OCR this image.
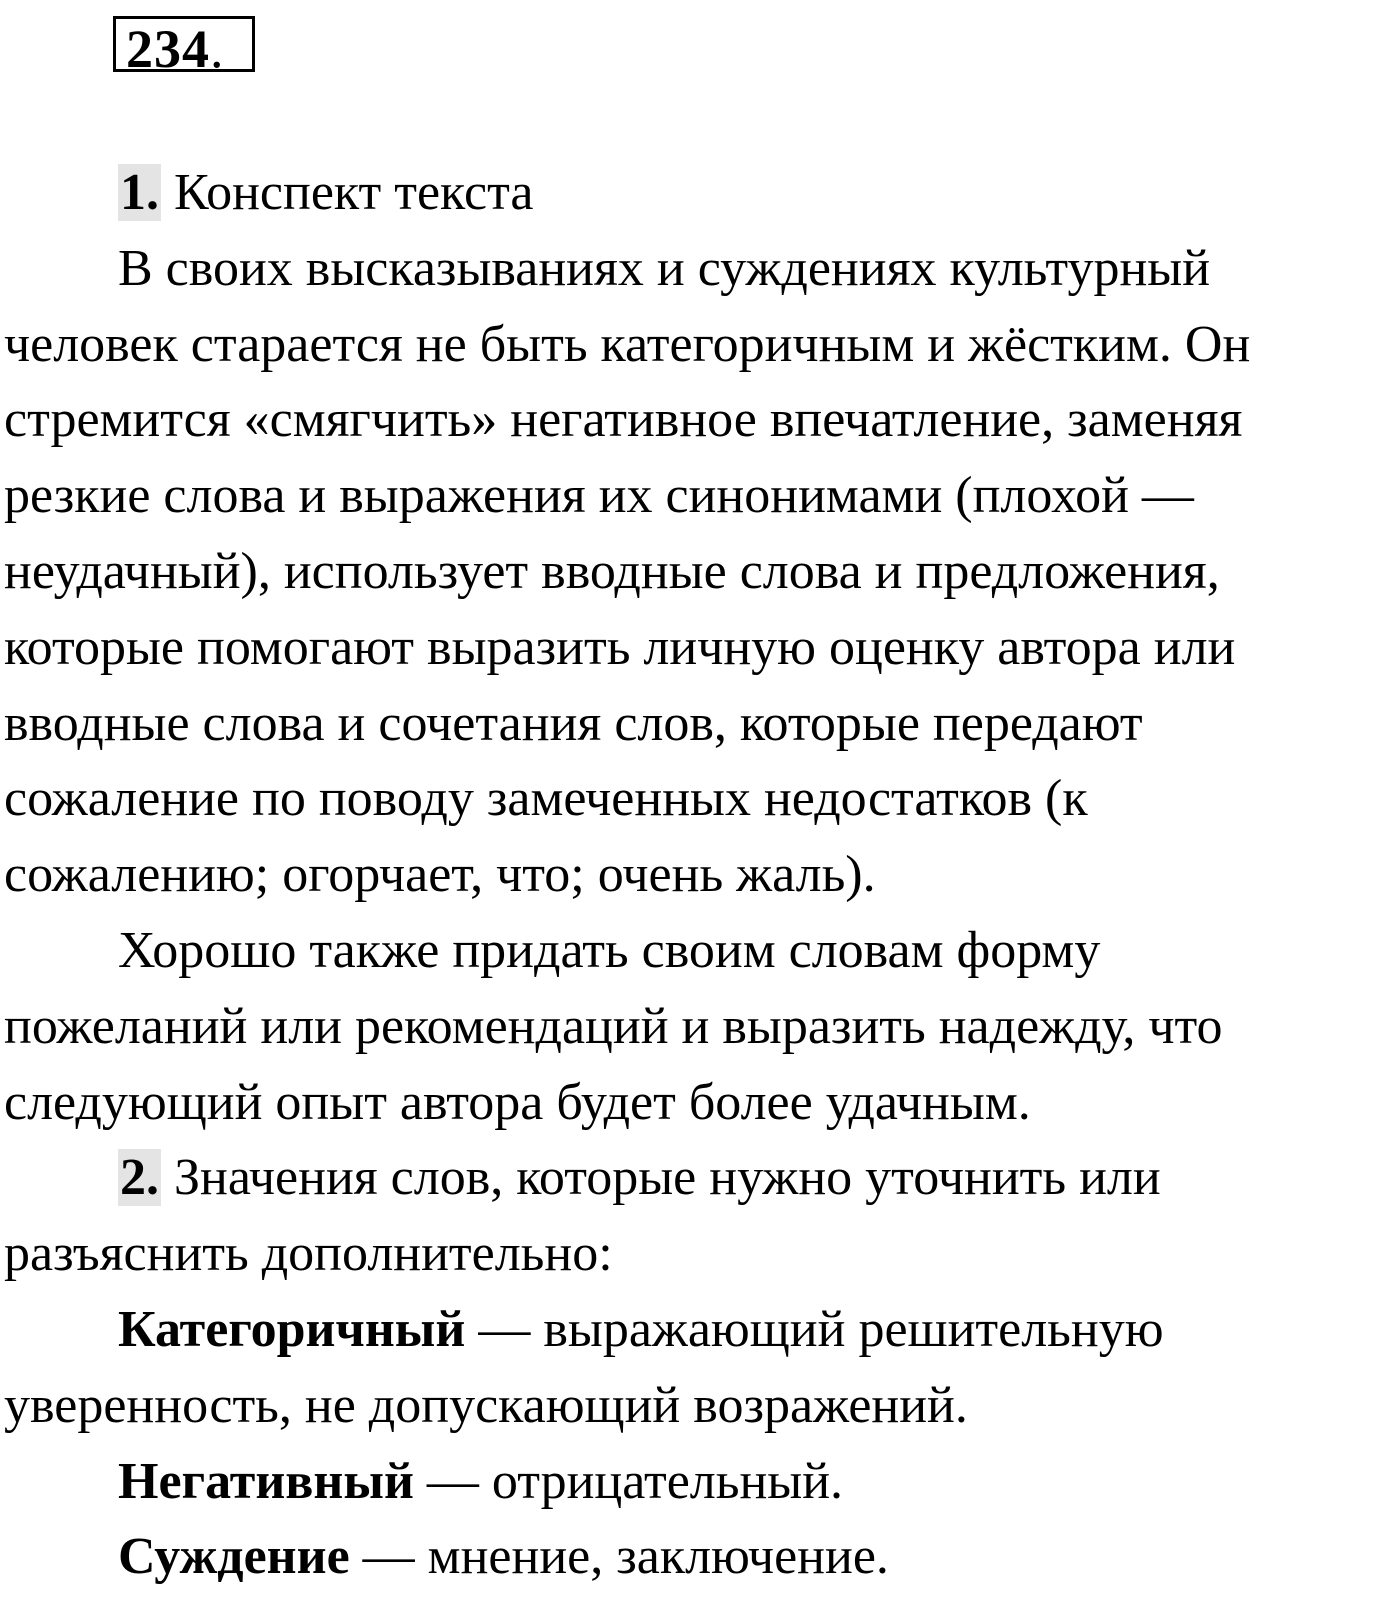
234.

1. Конспект текста

В своих высказываниях и суждениях культурный

человек старается не быть категоричным и жёстким. Он

стремится «смягчить» негативное впечатление, заменяя

резкие слова и выражения их синонимами (плохой —

неудачный), использует вводные слова и предложения,

которые помогают выразить личную оценку автора или

вводные слова и сочетания слов, которые передают

сожаление по поводу замеченных недостатков (к

сожалению; огорчает, что; очень жаль).

Хорошо также придать своим словам форму

пожеланий или рекомендаций и выразить надежду, что

следующий опыт автора будет более удачным.

2. Значения слов, которые нужно уточнить или

разъяснить дополнительно:

Категоричный — выражающий решительную

уверенность, не допускающий возражений.

Негативный — отрицательный.

Суждение — мнение, заключение.
